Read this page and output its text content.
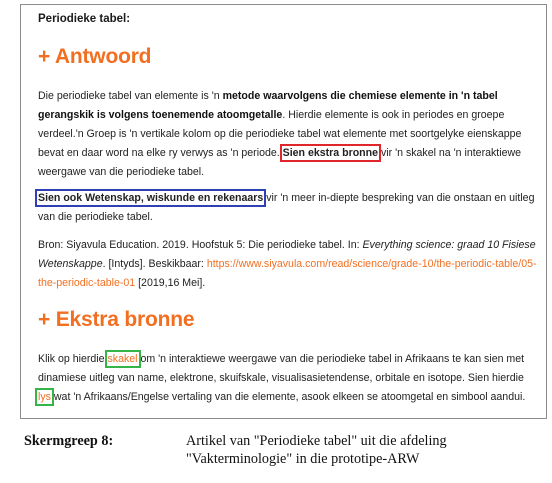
Periodieke tabel:
+ Antwoord
Die periodieke tabel van elemente is 'n metode waarvolgens die chemiese elemente in 'n tabel gerangskik is volgens toenemende atoomgetalle. Hierdie elemente is ook in periodes en groepe verdeel.'n Groep is 'n vertikale kolom op die periodieke tabel wat elemente met soortgelyke eienskappe bevat en daar word na elke ry verwys as 'n periode. Sien ekstra bronne vir 'n skakel na 'n interaktiewe weergawe van die periodieke tabel.
Sien ook Wetenskap, wiskunde en rekenaars vir 'n meer in-diepte bespreking van die onstaan en uitleg van die periodieke tabel.
Bron: Siyavula Education. 2019. Hoofstuk 5: Die periodieke tabel. In: Everything science: graad 10 Fisiese Wetenskappe. [Intyds]. Beskikbaar: https://www.siyavula.com/read/science/grade-10/the-periodic-table/05-the-periodic-table-01 [2019,16 Mei].
+ Ekstra bronne
Klik op hierdie skakel om 'n interaktiewe weergawe van die periodieke tabel in Afrikaans te kan sien met dinamiese uitleg van name, elektrone, skuifskale, visualisasietendense, orbitale en isotope. Sien hierdie lys wat 'n Afrikaans/Engelse vertaling van die elemente, asook elkeen se atoomgetal en simbool aandui.
Skermgreep 8:	Artikel van "Periodieke tabel" uit die afdeling "Vakterminologie" in die prototipe-ARW
